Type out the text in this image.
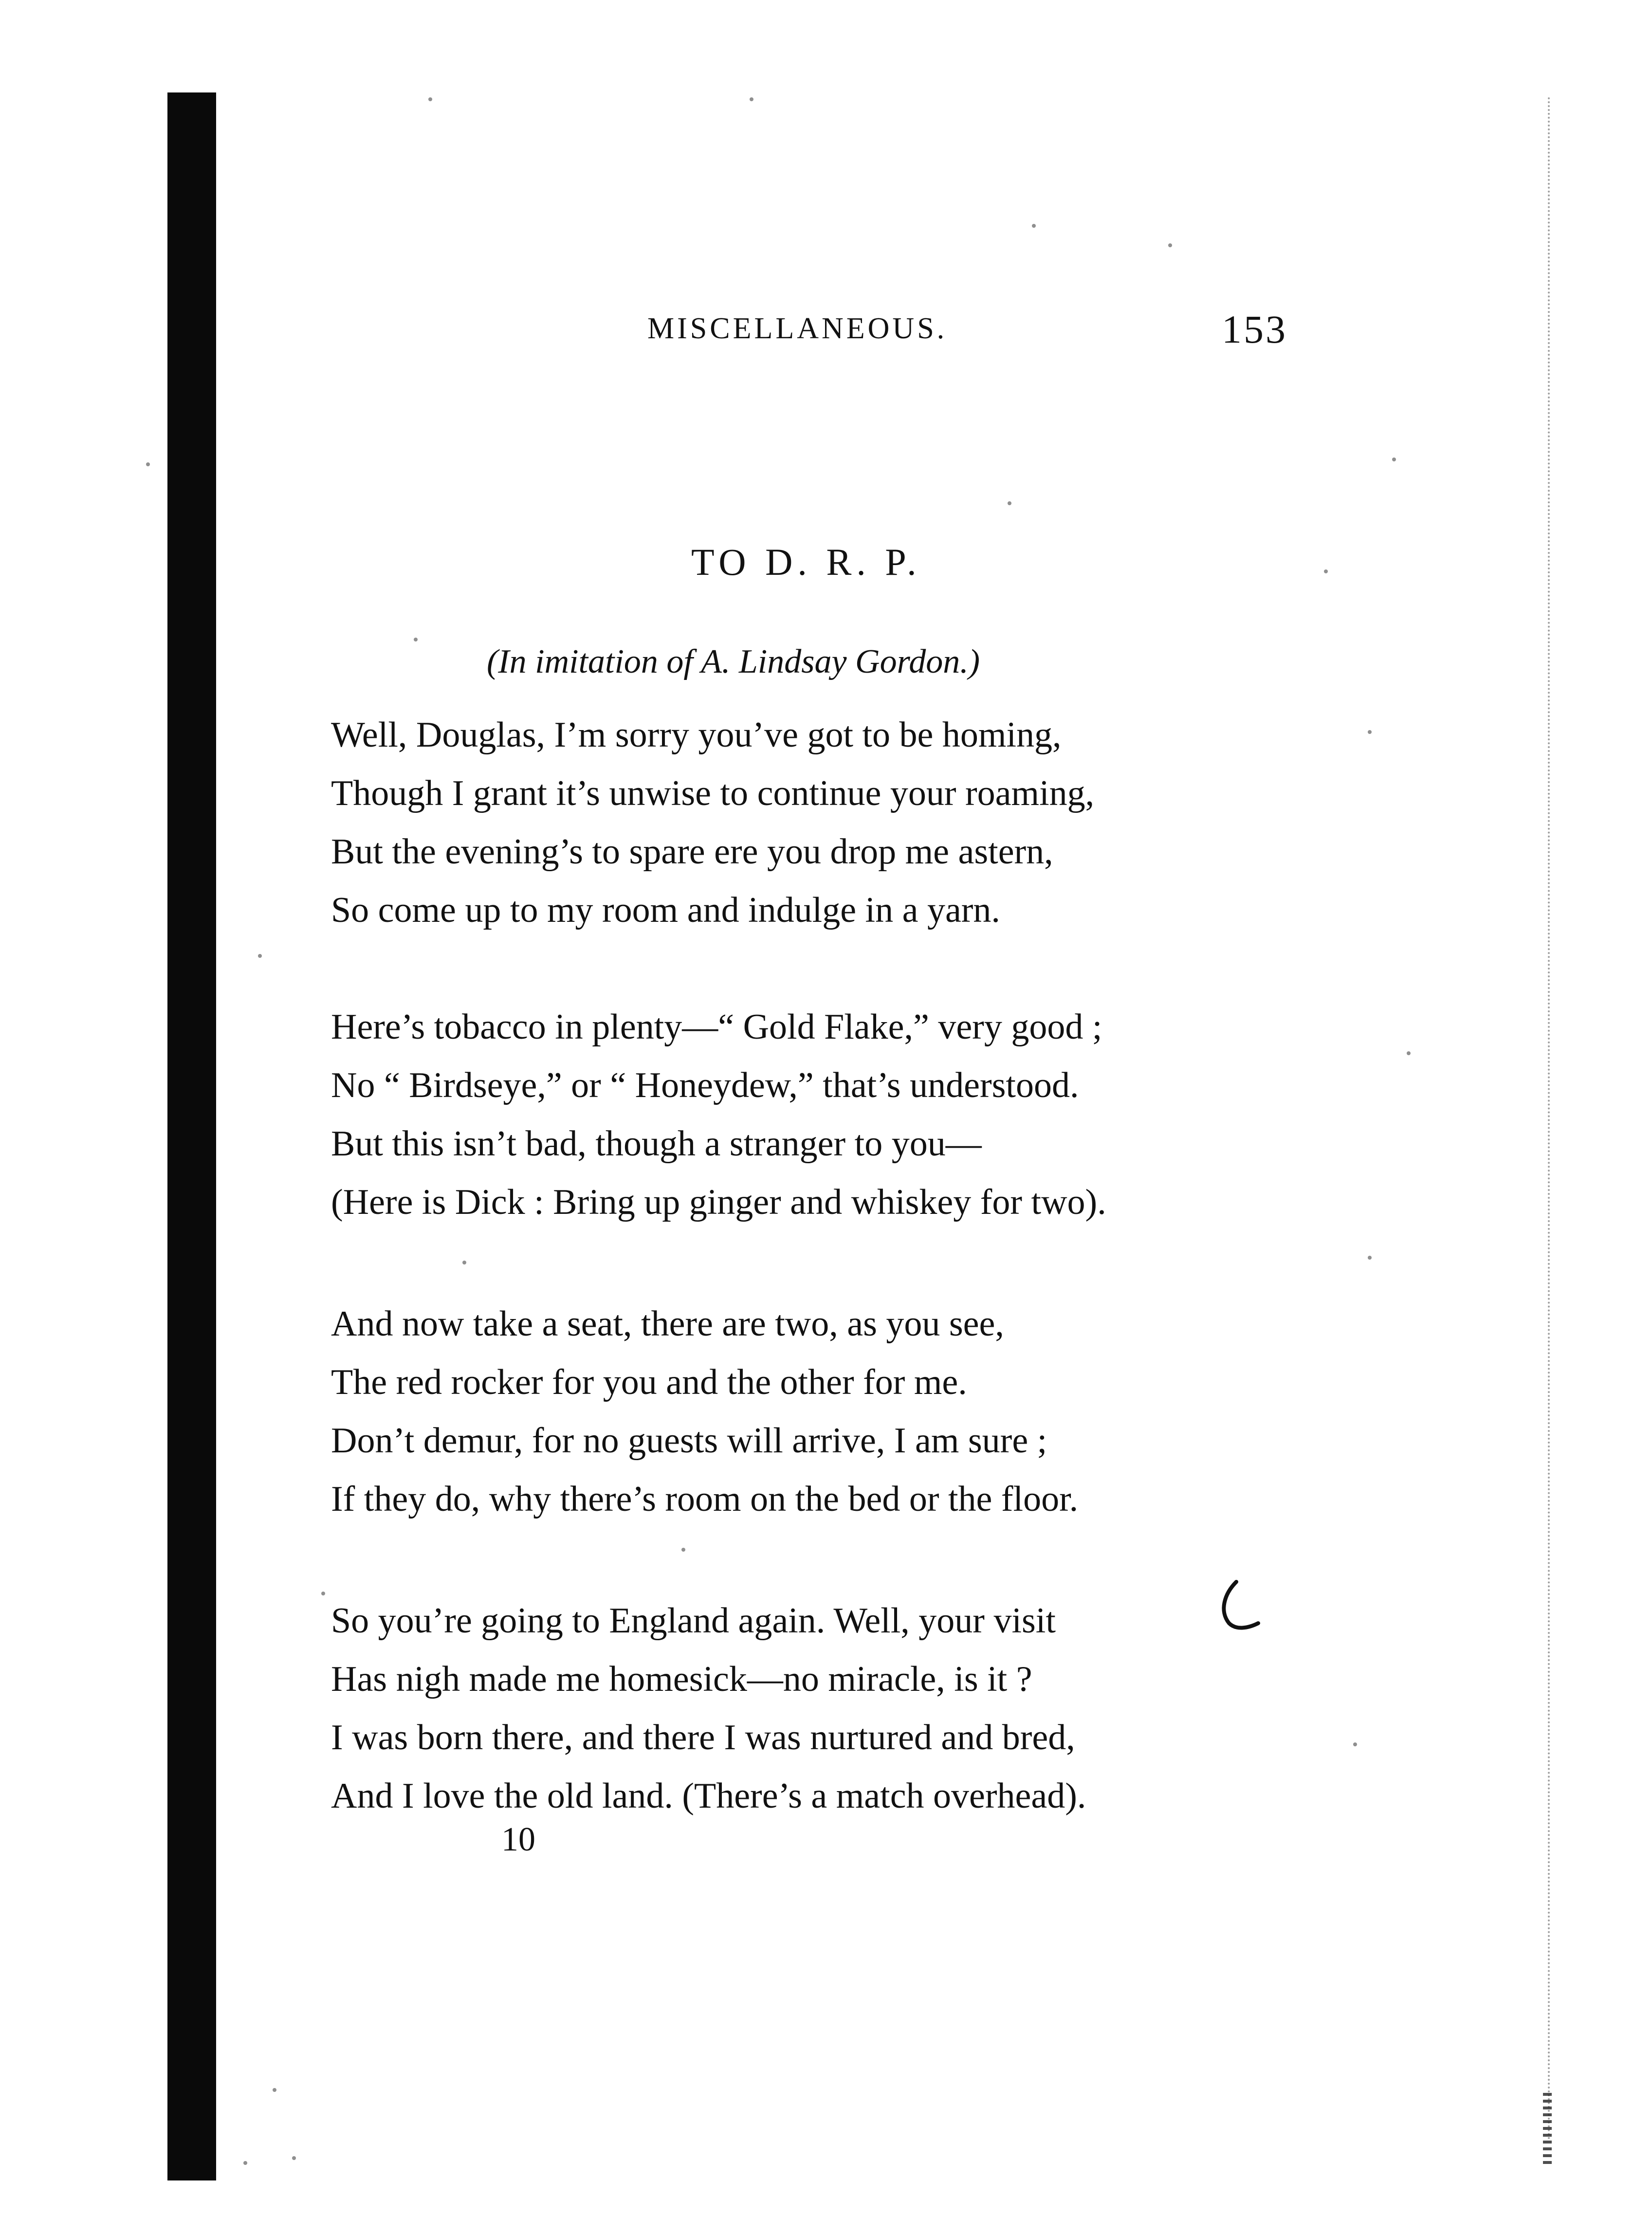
MISCELLANEOUS.	153
TO D. R. P.
(In imitation of A. Lindsay Gordon.)
Well, Douglas, I’m sorry you’ve got to be homing,
Though I grant it’s unwise to continue your roaming,
But the evening’s to spare ere you drop me astern,
So come up to my room and indulge in a yarn.
Here’s tobacco in plenty—“ Gold Flake,” very good ;
No “ Birdseye,” or “ Honeydew,” that’s understood.
But this isn’t bad, though a stranger to you—
(Here is Dick : Bring up ginger and whiskey for two).
And now take a seat, there are two, as you see,
The red rocker for you and the other for me.
Don’t demur, for no guests will arrive, I am sure ;
If they do, why there’s room on the bed or the floor.
So you’re going to England again. Well, your visit
Has nigh made me homesick—no miracle, is it ?
I was born there, and there I was nurtured and bred,
And I love the old land. (There’s a match overhead).
10
